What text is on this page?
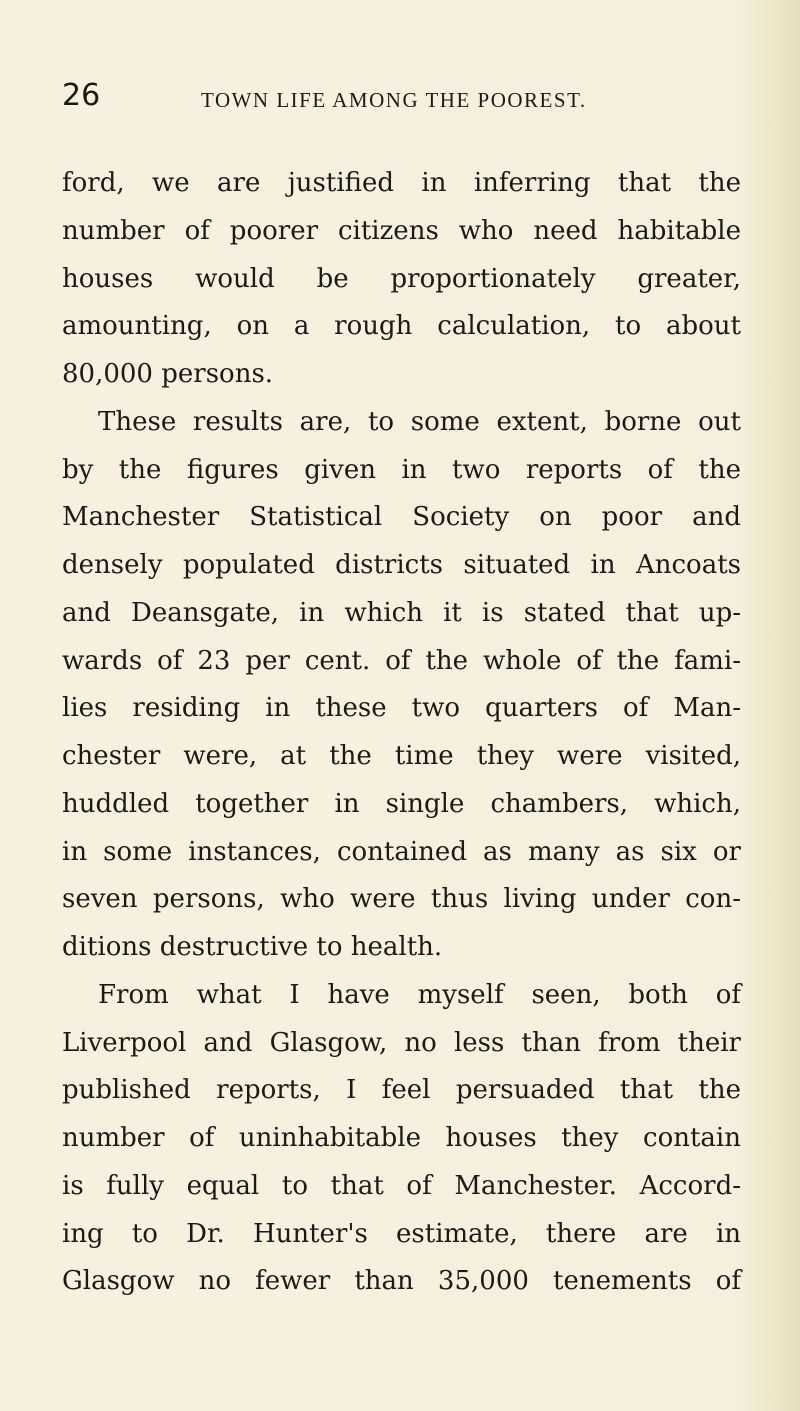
26	TOWN LIFE AMONG THE POOREST.
ford, we are justified in inferring that the
number of poorer citizens who need habitable
houses would be proportionately greater,
amounting, on a rough calculation, to about
80,000 persons.
These results are, to some extent, borne out
by the figures given in two reports of the
Manchester Statistical Society on poor and
densely populated districts situated in Ancoats
and Deansgate, in which it is stated that up-
wards of 23 per cent. of the whole of the fami-
lies residing in these two quarters of Man-
chester were, at the time they were visited,
huddled together in single chambers, which,
in some instances, contained as many as six or
seven persons, who were thus living under con-
ditions destructive to health.
From what I have myself seen, both of
Liverpool and Glasgow, no less than from their
published reports, I feel persuaded that the
number of uninhabitable houses they contain
is fully equal to that of Manchester. Accord-
ing to Dr. Hunter's estimate, there are in
Glasgow no fewer than 35,000 tenements of
